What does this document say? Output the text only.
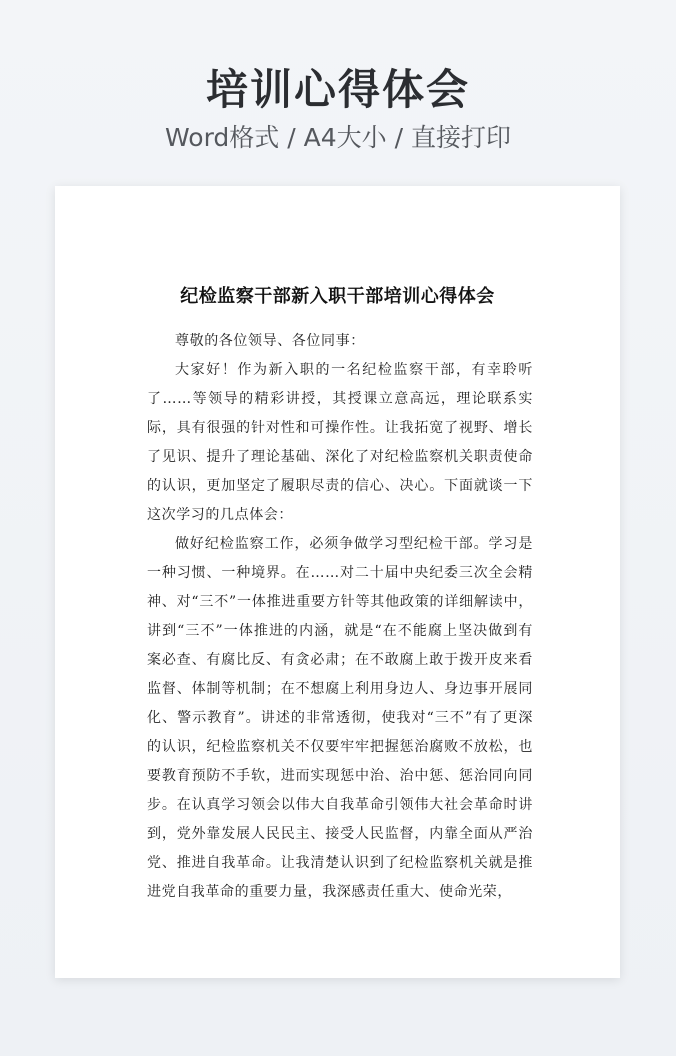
培训心得体会
Word格式 / A4大小 / 直接打印
纪检监察干部新入职干部培训心得体会

尊敬的各位领导、各位同事：

大家好！作为新入职的一名纪检监察干部，有幸聆听了……等领导的精彩讲授，其授课立意高远，理论联系实际，具有很强的针对性和可操作性。让我拓宽了视野、增长了见识、提升了理论基础、深化了对纪检监察机关职责使命的认识，更加坚定了履职尽责的信心、决心。下面就谈一下这次学习的几点体会：

做好纪检监察工作，必须争做学习型纪检干部。学习是一种习惯、一种境界。在……对二十届中央纪委三次全会精神、对“三不”一体推进重要方针等其他政策的详细解读中，讲到“三不”一体推进的内涵，就是“在不能腐上坚决做到有案必查、有腐比反、有贪必肃；在不敢腐上敢于拨开皮来看监督、体制等机制；在不想腐上利用身边人、身边事开展同化、警示教育”。讲述的非常透彻，使我对“三不”有了更深的认识，纪检监察机关不仅要牢牢把握惩治腐败不放松，也要教育预防不手软，进而实现惩中治、治中惩、惩治同向同步。在认真学习领会以伟大自我革命引领伟大社会革命时讲到，党外靠发展人民民主、接受人民监督，内靠全面从严治党、推进自我革命。让我清楚认识到了纪检监察机关就是推进党自我革命的重要力量，我深感责任重大、使命光荣，
